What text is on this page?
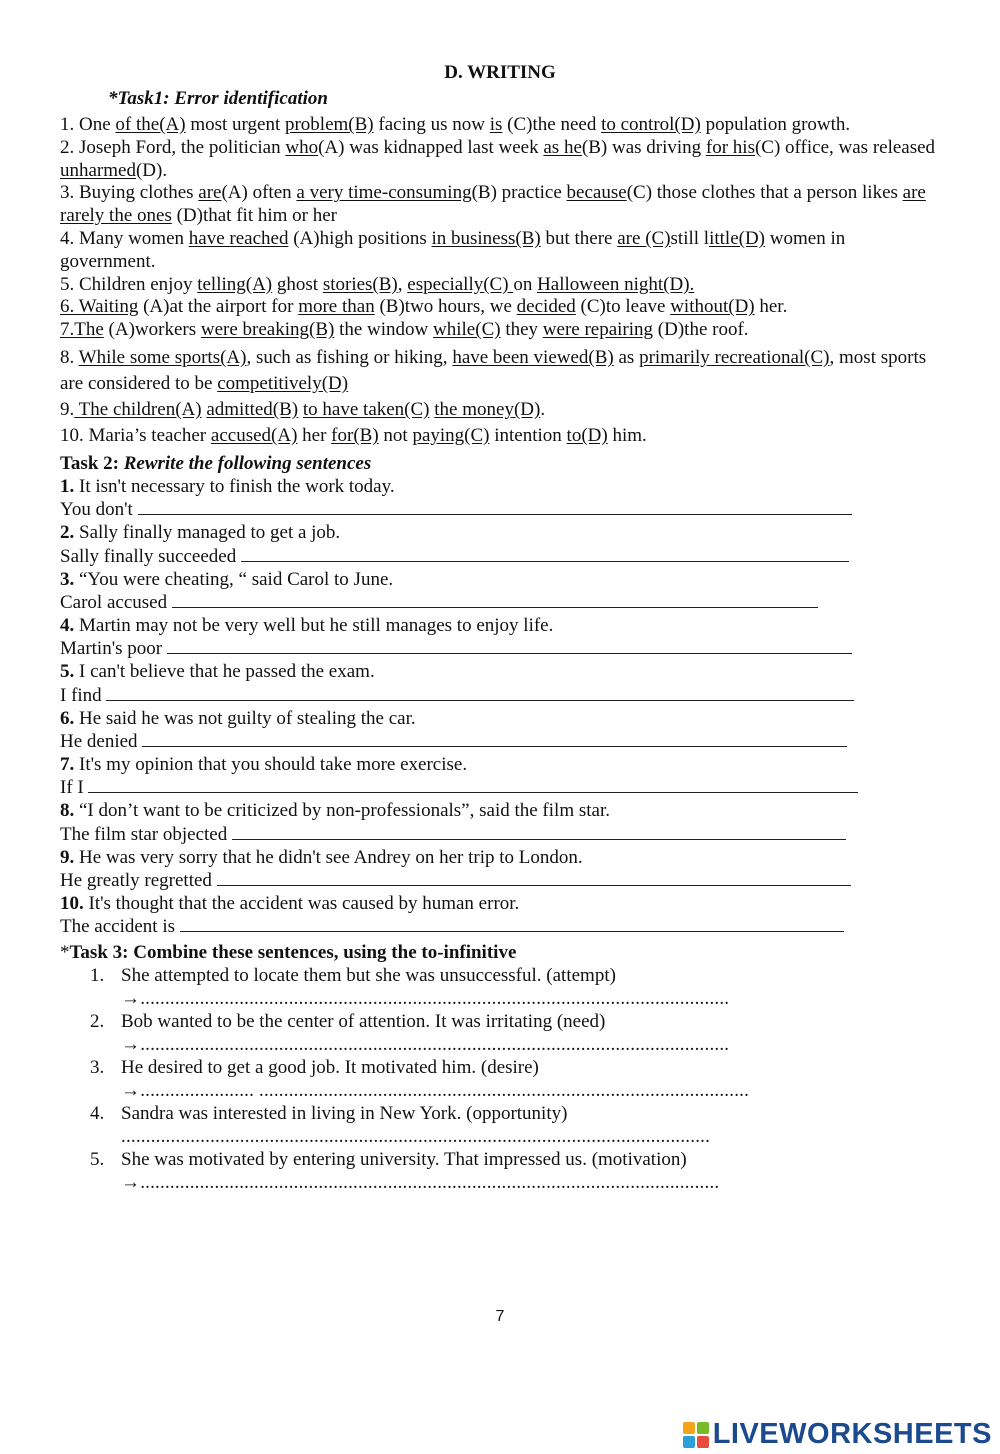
D. WRITING
*Task1: Error identification

1. One of the(A) most urgent problem(B) facing us now is (C)the need to control(D) population growth.

2. Joseph Ford, the politician who(A) was kidnapped last week as he(B) was driving for his(C) office, was released unharmed(D).

3. Buying clothes are(A) often a very time-consuming(B) practice because(C) those clothes that a person likes are rarely the ones (D)that fit him or her

4. Many women have reached (A)high positions in business(B) but there are (C)still little(D) women in government.

5. Children enjoy telling(A) ghost stories(B), especially(C) on Halloween night(D).

6. Waiting (A)at the airport for more than (B)two hours, we decided (C)to leave without(D) her.

7.The (A)workers were breaking(B) the window while(C) they were repairing (D)the roof.

8. While some sports(A), such as fishing or hiking, have been viewed(B) as primarily recreational(C), most sports are considered to be competitively(D)

9. The children(A) admitted(B) to have taken(C) the money(D).

10. Maria’s teacher accused(A) her for(B) not paying(C) intention to(D) him.

Task 2: Rewrite the following sentences
1. It isn't necessary to finish the work today.
You don't
2. Sally finally managed to get a job.
Sally finally succeeded
3. “You were cheating, “ said Carol to June.
Carol accused
4. Martin may not be very well but he still manages to enjoy life.
Martin's poor
5. I can't believe that he passed the exam.
I find
6. He said he was not guilty of stealing the car.
He denied
7. It's my opinion that you should take more exercise.
If I
8. “I don’t want to be criticized by non-professionals”, said the film star.
The film star objected
9. He was very sorry that he didn't see Andrey on her trip to London.
He greatly regretted
10. It's thought that the accident was caused by human error.
The accident is
*Task 3: Combine these sentences, using the to-infinitive
1. She attempted to locate them but she was unsuccessful. (attempt)
→.......................................................................................................................
2. Bob wanted to be the center of attention. It was irritating (need)
→.......................................................................................................................
3. He desired to get a good job. It motivated him. (desire)
→....................... ...................................................................................................
4. Sandra was interested in living in New York. (opportunity)
.......................................................................................................................
5. She was motivated by entering university. That impressed us. (motivation)
→.....................................................................................................................
7
LIVEWORKSHEETS
